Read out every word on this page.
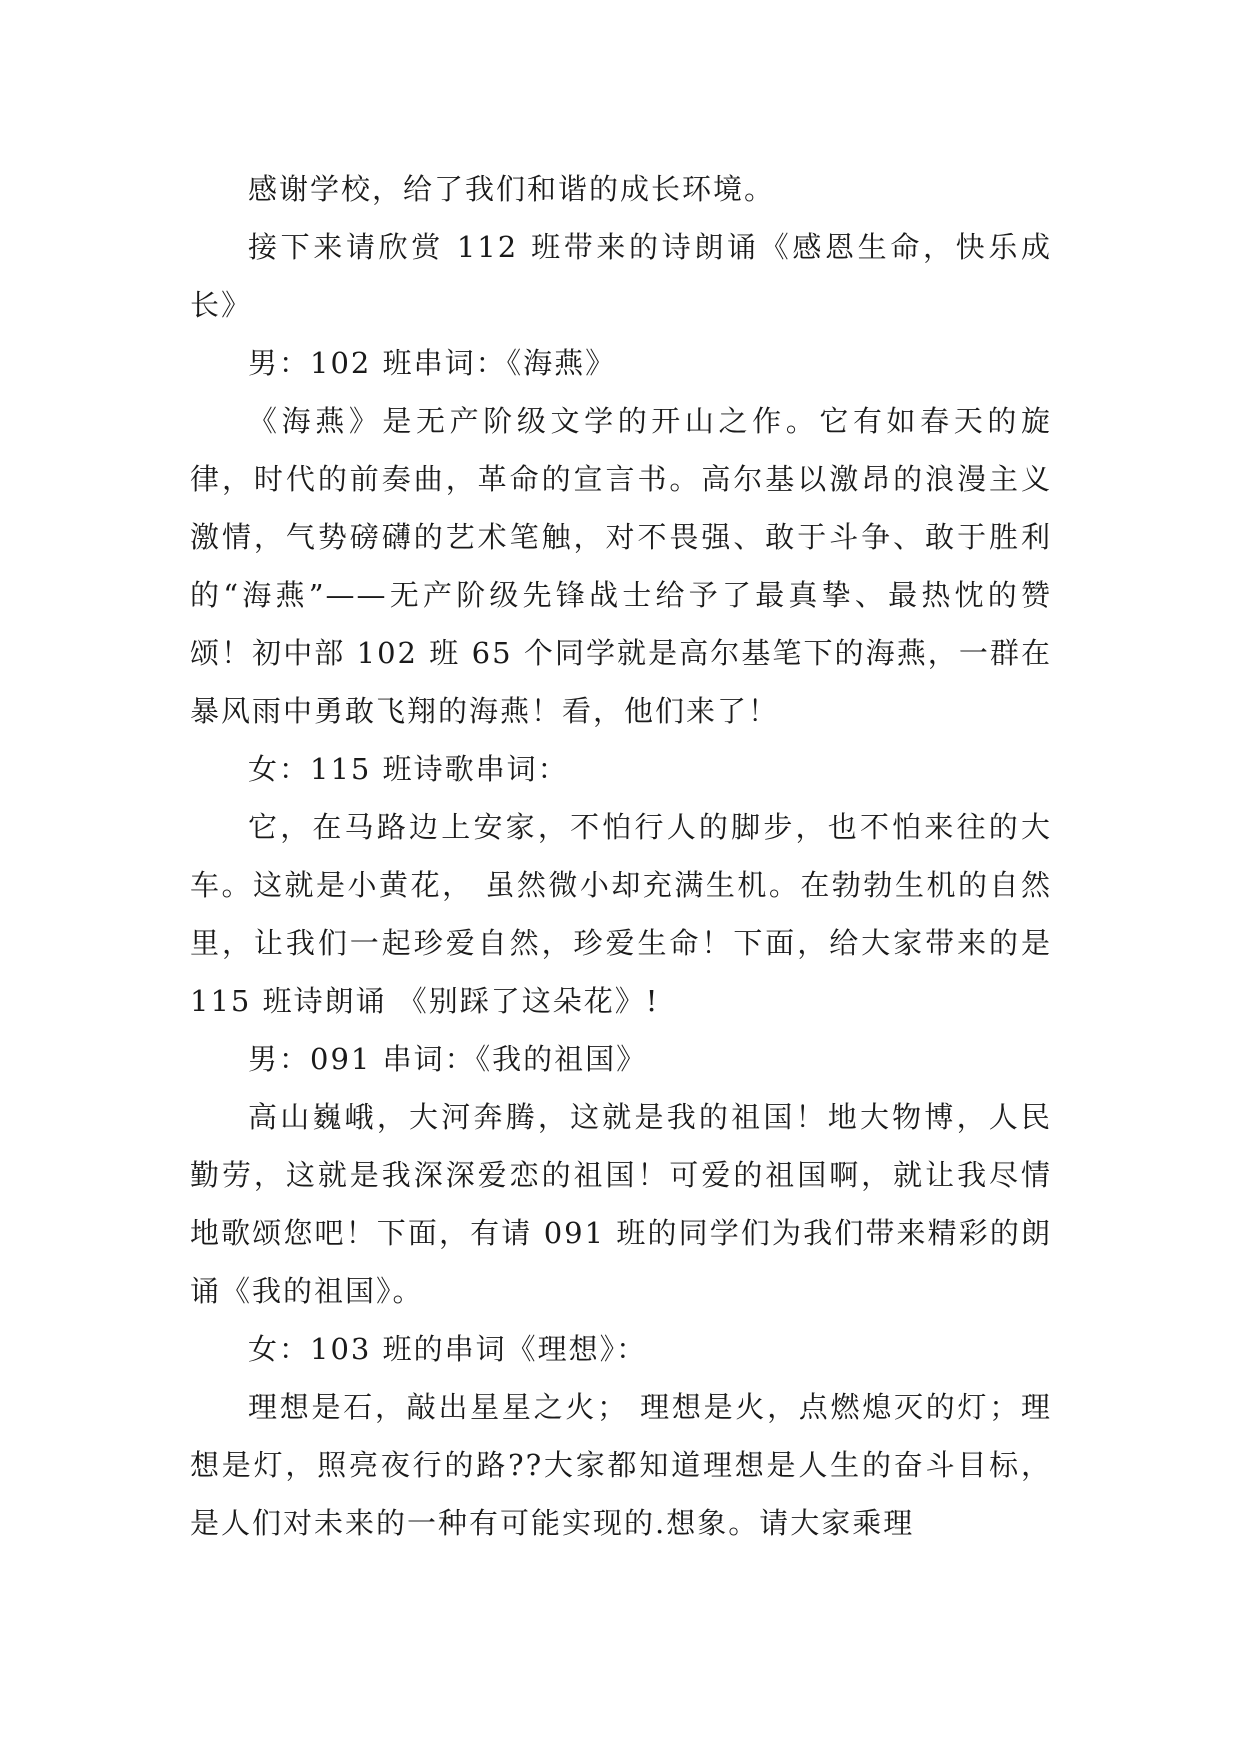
感谢学校，给了我们和谐的成长环境。

接下来请欣赏 112 班带来的诗朗诵《感恩生命，快乐成长》

男：102 班串词：《海燕》

《海燕》是无产阶级文学的开山之作。它有如春天的旋律，时代的前奏曲，革命的宣言书。高尔基以激昂的浪漫主义激情，气势磅礴的艺术笔触，对不畏强、敢于斗争、敢于胜利的“海燕”——无产阶级先锋战士给予了最真挚、最热忱的赞颂！初中部 102 班 65 个同学就是高尔基笔下的海燕，一群在暴风雨中勇敢飞翔的海燕！看，他们来了！

女：115 班诗歌串词：

它，在马路边上安家，不怕行人的脚步，也不怕来往的大车。这就是小黄花， 虽然微小却充满生机。在勃勃生机的自然里，让我们一起珍爱自然，珍爱生命！下面，给大家带来的是 115 班诗朗诵 《别踩了这朵花》!

男：091 串词：《我的祖国》

高山巍峨，大河奔腾，这就是我的祖国！地大物博，人民勤劳，这就是我深深爱恋的祖国！可爱的祖国啊，就让我尽情地歌颂您吧！下面，有请 091 班的同学们为我们带来精彩的朗诵《我的祖国》。

女：103 班的串词《理想》：

理想是石，敲出星星之火； 理想是火，点燃熄灭的灯；理想是灯，照亮夜行的路??大家都知道理想是人生的奋斗目标，是人们对未来的一种有可能实现的.想象。请大家乘理
